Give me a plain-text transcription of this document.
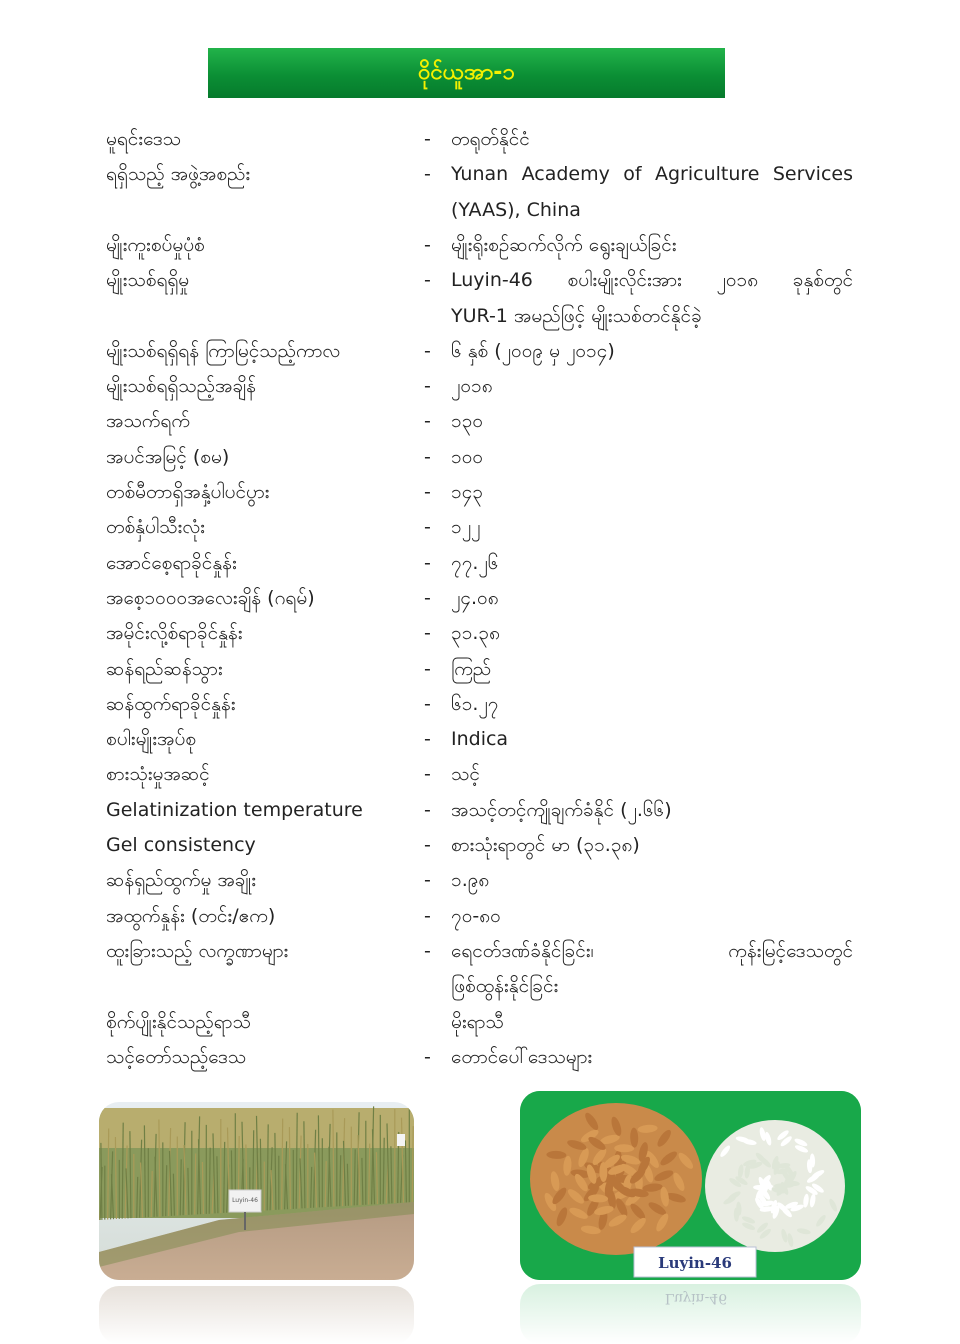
ဝိုင်ယူအာ-၁
မူရင်းဒေသ	- တရုတ်နိုင်ငံ
ရရှိသည့် အဖွဲ့အစည်း	- Yunan Academy of Agriculture Services
(YAAS), China
မျိုးကူးစပ်မှုပုံစံ	- မျိုးရိုးစဉ်ဆက်လိုက် ရွေးချယ်ခြင်း
မျိုးသစ်ရရှိမှု	- Luyin-46 စပါးမျိုးလိုင်းအား ၂၀၁၈ ခုနှစ်တွင်
YUR-1 အမည်ဖြင့် မျိုးသစ်တင်နိုင်ခဲ့
မျိုးသစ်ရရှိရန် ကြာမြင့်သည့်ကာလ	- ၆ နှစ် (၂၀၀၉ မှ ၂၀၁၄)
မျိုးသစ်ရရှိသည့်အချိန်	- ၂၀၁၈
အသက်ရက်	- ၁၃၀
အပင်အမြင့် (စမ)	- ၁၀၀
တစ်မီတာရှိအနှံ့ပါပင်ပွား	- ၁၄၃
တစ်နှံပါသီးလုံး	- ၁၂၂
အောင်စေ့ရာခိုင်နှုန်း	- ၇၇.၂၆
အစေ့၁၀၀၀အလေးချိန် (ဂရမ်)	- ၂၄.၀၈
အမိုင်းလို့စ်ရာခိုင်နှုန်း	- ၃၁.၃၈
ဆန်ရည်ဆန်သွား	- ကြည်
ဆန်ထွက်ရာခိုင်နှုန်း	- ၆၁.၂၇
စပါးမျိုးအုပ်စု	- Indica
စားသုံးမှုအဆင့်	- သင့်
Gelatinization temperature	- အသင့်တင့်ကျိုချက်ခံနိုင် (၂.၆၆)
Gel consistency	- စားသုံးရာတွင် မာ (၃၁.၃၈)
ဆန်ရှည်ထွက်မှု အချိုး	- ၁.၉၈
အထွက်နှုန်း (တင်း/ဧက)	- ၇၀-၈၀
ထူးခြားသည့် လက္ခဏာများ	- ရေငတ်ဒဏ်ခံနိုင်ခြင်း၊ ကုန်းမြင့်ဒေသတွင်
ဖြစ်ထွန်းနိုင်ခြင်း
စိုက်ပျိုးနိုင်သည့်ရာသီ	မိုးရာသီ
သင့်တော်သည့်ဒေသ	- တောင်ပေါ်ဒေသများ
Luyin-46
Luyin-46
Luyin-46
